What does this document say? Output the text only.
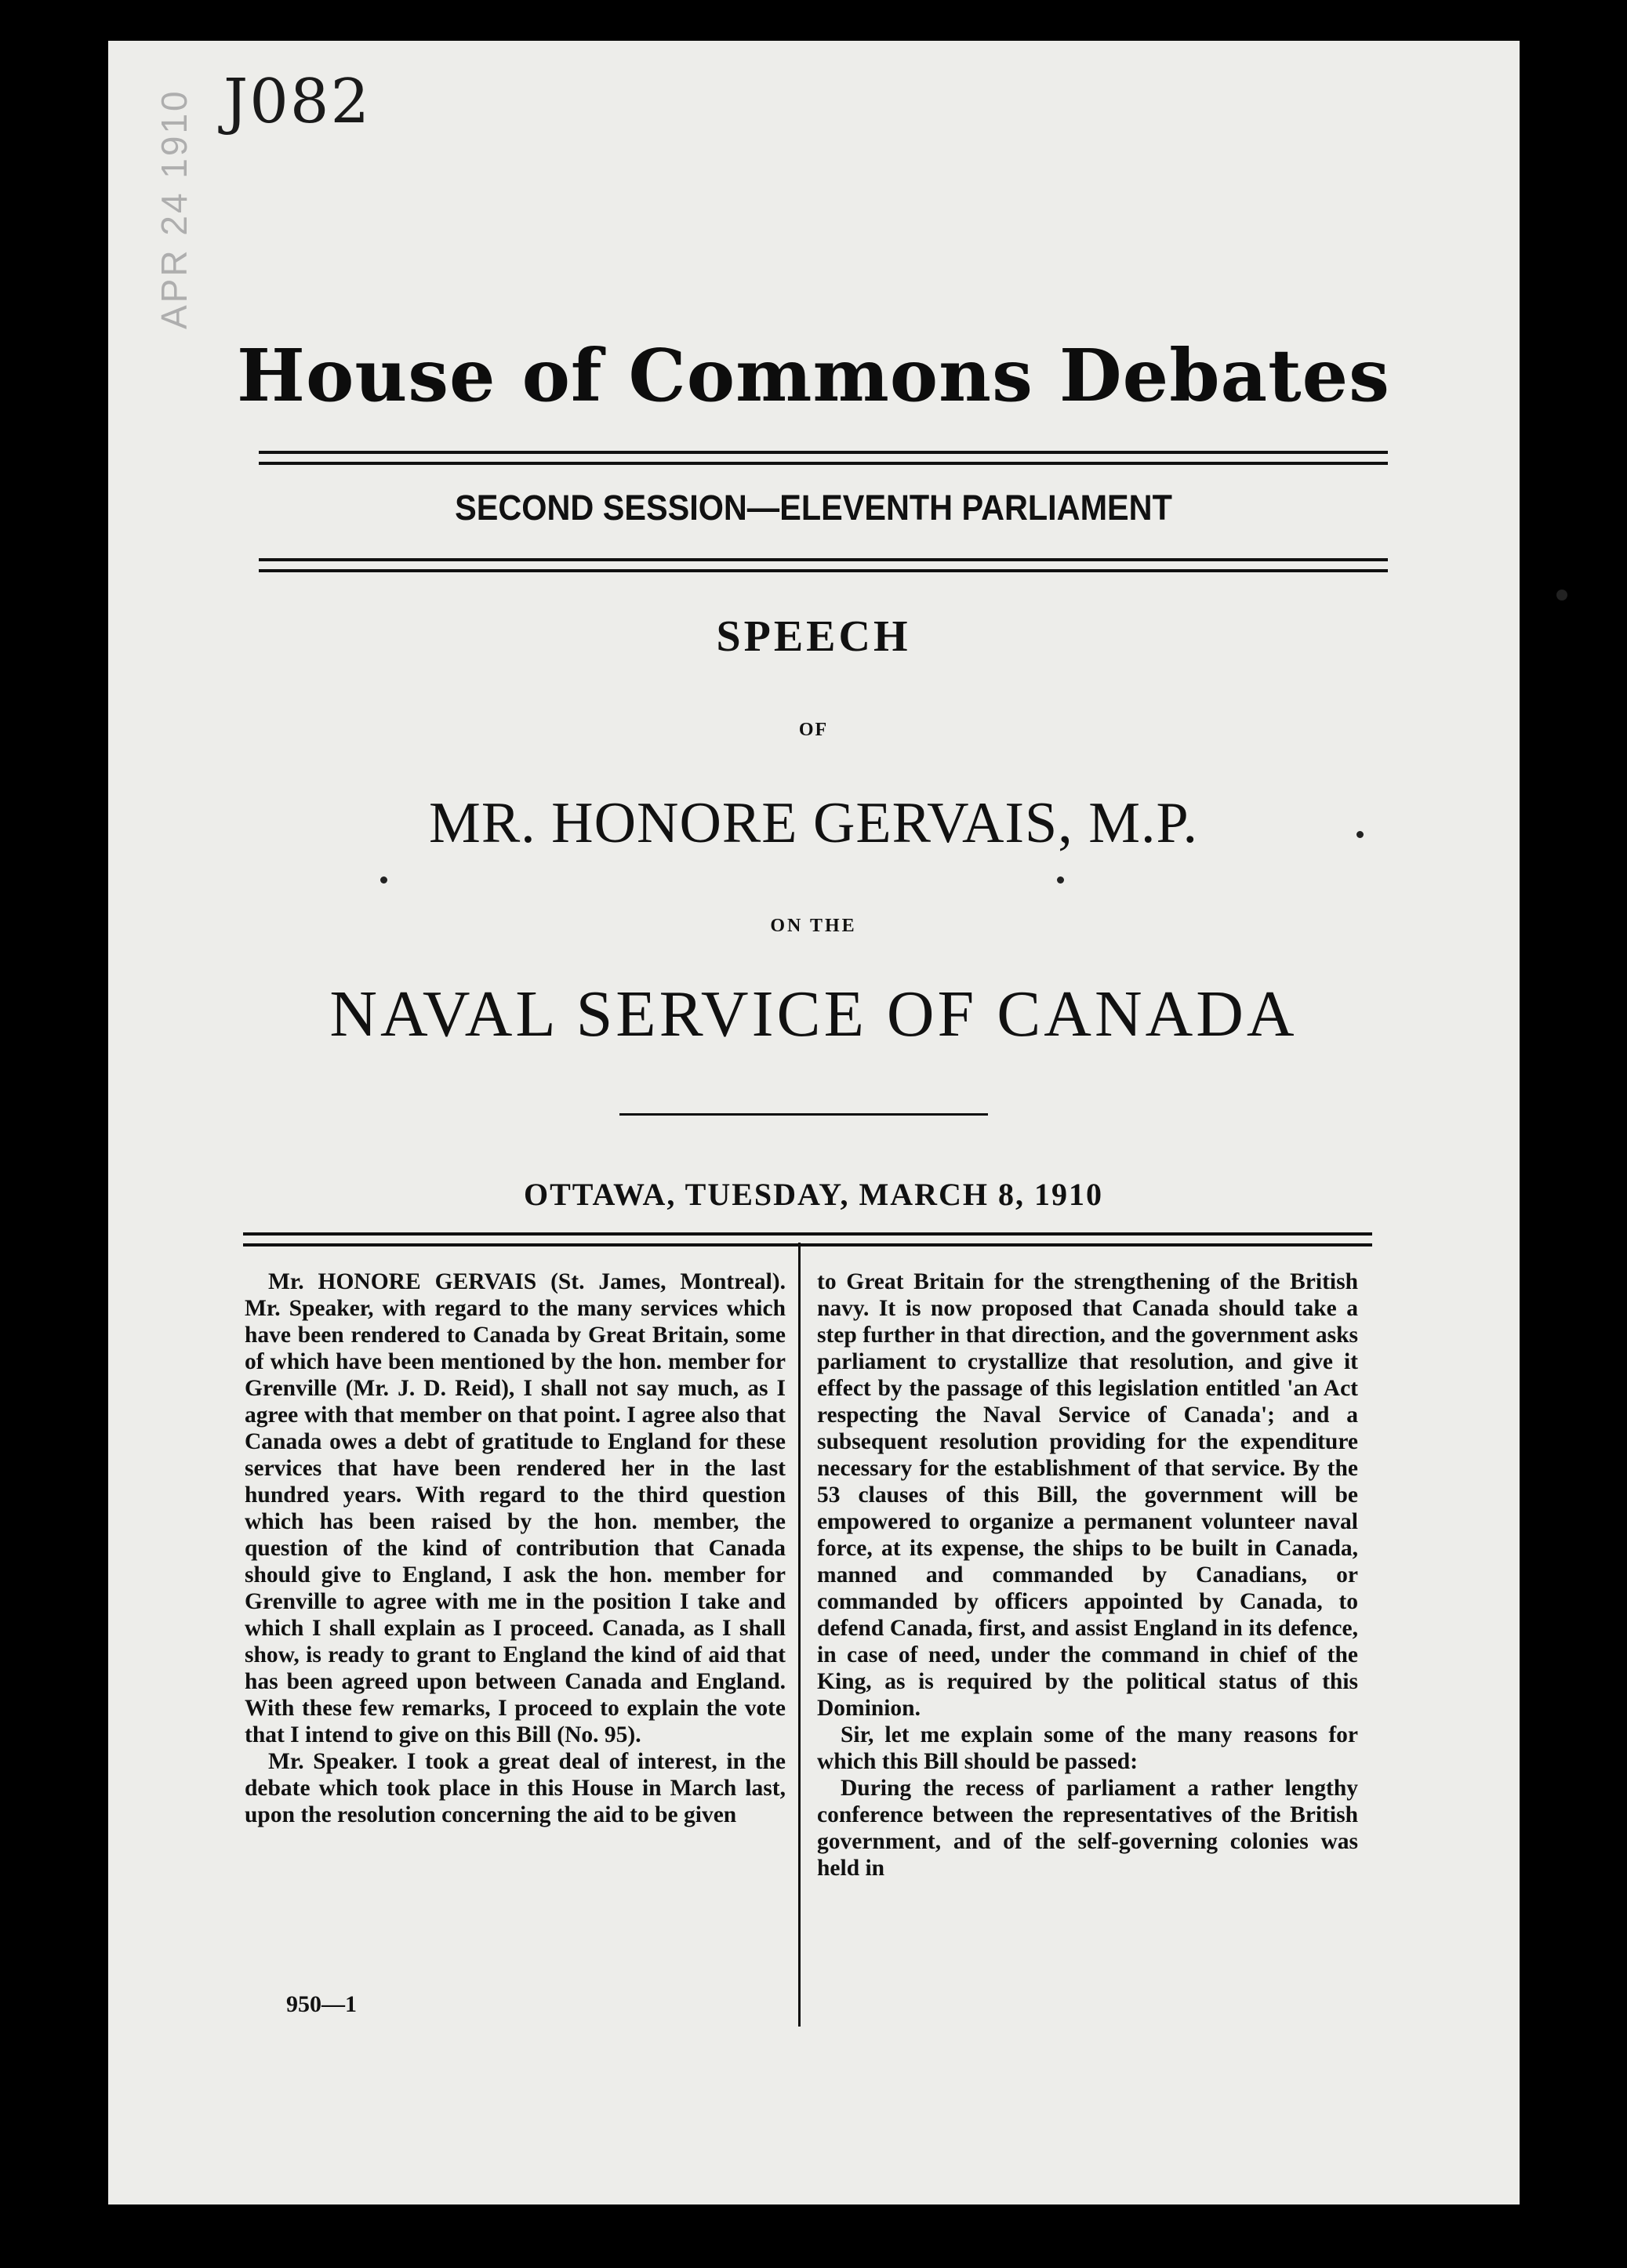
J082
APR 24 1910
House of Commons Debates
SECOND SESSION—ELEVENTH PARLIAMENT
SPEECH
OF
MR. HONORE GERVAIS, M.P.
ON THE
NAVAL SERVICE OF CANADA
OTTAWA, TUESDAY, MARCH 8, 1910

Mr. HONORE GERVAIS (St. James, Montreal). Mr. Speaker, with regard to the many services which have been rendered to Canada by Great Britain, some of which have been mentioned by the hon. member for Grenville (Mr. J. D. Reid), I shall not say much, as I agree with that member on that point. I agree also that Canada owes a debt of gratitude to England for these services that have been rendered her in the last hundred years. With regard to the third question which has been raised by the hon. member, the question of the kind of contribution that Canada should give to England, I ask the hon. member for Grenville to agree with me in the position I take and which I shall explain as I proceed. Canada, as I shall show, is ready to grant to England the kind of aid that has been agreed upon between Canada and England. With these few remarks, I proceed to explain the vote that I intend to give on this Bill (No. 95).

Mr. Speaker. I took a great deal of interest, in the debate which took place in this House in March last, upon the resolution concerning the aid to be given

to Great Britain for the strengthening of the British navy. It is now proposed that Canada should take a step further in that direction, and the government asks parliament to crystallize that resolution, and give it effect by the passage of this legislation entitled 'an Act respecting the Naval Service of Canada'; and a subsequent resolution providing for the expenditure necessary for the establishment of that service. By the 53 clauses of this Bill, the government will be empowered to organize a permanent volunteer naval force, at its expense, the ships to be built in Canada, manned and commanded by Canadians, or commanded by officers appointed by Canada, to defend Canada, first, and assist England in its defence, in case of need, under the command in chief of the King, as is required by the political status of this Dominion.

Sir, let me explain some of the many reasons for which this Bill should be passed:

During the recess of parliament a rather lengthy conference between the representatives of the British government, and of the self-governing colonies was held in

950—1
